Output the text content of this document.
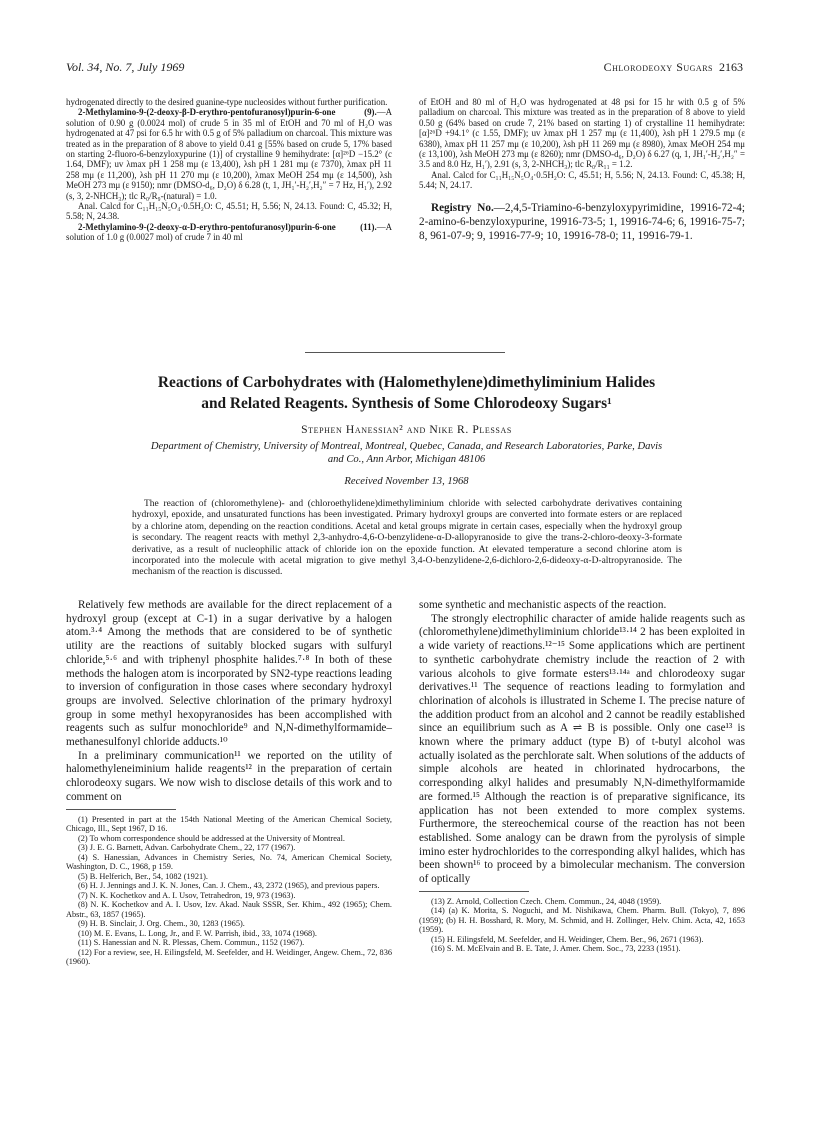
Vol. 34, No. 7, July 1969	Chlorodeoxy Sugars 2163

hydrogenated directly to the desired guanine-type nucleosides without further purification.

2-Methylamino-9-(2-deoxy-β-D-erythro-pentofuranosyl)purin-6-one (9).—A solution of 0.90 g (0.0024 mol) of crude 5 in 35 ml of EtOH and 70 ml of H₂O was hydrogenated at 47 psi for 6.5 hr with 0.5 g of 5% palladium on charcoal. This mixture was treated as in the preparation of 8 above to yield 0.41 g [55% based on crude 5, 17% based on starting 2-fluoro-6-benzyloxypurine (1)] of crystalline 9 hemihydrate: [α]²⁶D −15.2° (c 1.64, DMF); uv λmax pH 1 258 mμ (ε 13,400), λsh pH 1 281 mμ (ε 7370), λmax pH 11 258 mμ (ε 11,200), λsh pH 11 270 mμ (ε 10,200), λmax MeOH 254 mμ (ε 14,500), λsh MeOH 273 mμ (ε 9150); nmr (DMSO-d₆, D₂O) δ 6.28 (t, 1, JH₁′-H₂′,H₂″ = 7 Hz, H₁′), 2.92 (s, 3, 2-NHCH₃); tlc R₀/R₉-(natural) = 1.0.

Anal. Calcd for C₁₁H₁₅N₅O₄·0.5H₂O: C, 45.51; H, 5.56; N, 24.13. Found: C, 45.32; H, 5.58; N, 24.38.

2-Methylamino-9-(2-deoxy-α-D-erythro-pentofuranosyl)purin-6-one (11).—A solution of 1.0 g (0.0027 mol) of crude 7 in 40 ml

of EtOH and 80 ml of H₂O was hydrogenated at 48 psi for 15 hr with 0.5 g of 5% palladium on charcoal. This mixture was treated as in the preparation of 8 above to yield 0.50 g (64% based on crude 7, 21% based on starting 1) of crystalline 11 hemihydrate: [α]²⁶D +94.1° (c 1.55, DMF); uv λmax pH 1 257 mμ (ε 11,400), λsh pH 1 279.5 mμ (ε 6380), λmax pH 11 257 mμ (ε 10,200), λsh pH 11 269 mμ (ε 8980), λmax MeOH 254 mμ (ε 13,100), λsh MeOH 273 mμ (ε 8260); nmr (DMSO-d₆, D₂O) δ 6.27 (q, 1, JH₁′-H₂′,H₂″ = 3.5 and 8.0 Hz, H₁′), 2.91 (s, 3, 2-NHCH₃); tlc R₀/R₁₁ = 1.2.

Anal. Calcd for C₁₁H₁₅N₅O₄·0.5H₂O: C, 45.51; H, 5.56; N, 24.13. Found: C, 45.38; H, 5.44; N, 24.17.

Registry No.—2,4,5-Triamino-6-benzyloxypyrimidine, 19916-72-4; 2-amino-6-benzyloxypurine, 19916-73-5; 1, 19916-74-6; 6, 19916-75-7; 8, 961-07-9; 9, 19916-77-9; 10, 19916-78-0; 11, 19916-79-1.

Reactions of Carbohydrates with (Halomethylene)dimethyliminium Halides
and Related Reagents. Synthesis of Some Chlorodeoxy Sugars¹
Stephen Hanessian² and Nike R. Plessas
Department of Chemistry, University of Montreal, Montreal, Quebec, Canada, and Research Laboratories, Parke, Davis and Co., Ann Arbor, Michigan 48106
Received November 13, 1968
The reaction of (chloromethylene)- and (chloroethylidene)dimethyliminium chloride with selected carbohydrate derivatives containing hydroxyl, epoxide, and unsaturated functions has been investigated. Primary hydroxyl groups are converted into formate esters or are replaced by a chlorine atom, depending on the reaction conditions. Acetal and ketal groups migrate in certain cases, especially when the hydroxyl group is secondary. The reagent reacts with methyl 2,3-anhydro-4,6-O-benzylidene-α-D-allopyranoside to give the trans-2-chloro-deoxy-3-formate derivative, as a result of nucleophilic attack of chloride ion on the epoxide function. At elevated temperature a second chlorine atom is incorporated into the molecule with acetal migration to give methyl 3,4-O-benzylidene-2,6-dichloro-2,6-dideoxy-α-D-altropyranoside. The mechanism of the reaction is discussed.

Relatively few methods are available for the direct replacement of a hydroxyl group (except at C-1) in a sugar derivative by a halogen atom.³·⁴ Among the methods that are considered to be of synthetic utility are the reactions of suitably blocked sugars with sulfuryl chloride,⁵·⁶ and with triphenyl phosphite halides.⁷·⁸ In both of these methods the halogen atom is incorporated by SN2-type reactions leading to inversion of configuration in those cases where secondary hydroxyl groups are involved. Selective chlorination of the primary hydroxyl group in some methyl hexopyranosides has been accomplished with reagents such as sulfur monochloride⁹ and N,N-dimethylformamide–methanesulfonyl chloride adducts.¹⁰

In a preliminary communication¹¹ we reported on the utility of halomethyleneiminium halide reagents¹² in the preparation of certain chlorodeoxy sugars. We now wish to disclose details of this work and to comment on

(1) Presented in part at the 154th National Meeting of the American Chemical Society, Chicago, Ill., Sept 1967, D 16.

(2) To whom correspondence should be addressed at the University of Montreal.

(3) J. E. G. Barnett, Advan. Carbohydrate Chem., 22, 177 (1967).

(4) S. Hanessian, Advances in Chemistry Series, No. 74, American Chemical Society, Washington, D. C., 1968, p 159.

(5) B. Helferich, Ber., 54, 1082 (1921).

(6) H. J. Jennings and J. K. N. Jones, Can. J. Chem., 43, 2372 (1965), and previous papers.

(7) N. K. Kochetkov and A. I. Usov, Tetrahedron, 19, 973 (1963).

(8) N. K. Kochetkov and A. I. Usov, Izv. Akad. Nauk SSSR, Ser. Khim., 492 (1965); Chem. Abstr., 63, 1857 (1965).

(9) H. B. Sinclair, J. Org. Chem., 30, 1283 (1965).

(10) M. E. Evans, L. Long, Jr., and F. W. Parrish, ibid., 33, 1074 (1968).

(11) S. Hanessian and N. R. Plessas, Chem. Commun., 1152 (1967).

(12) For a review, see, H. Eilingsfeld, M. Seefelder, and H. Weidinger, Angew. Chem., 72, 836 (1960).

some synthetic and mechanistic aspects of the reaction.

The strongly electrophilic character of amide halide reagents such as (chloromethylene)dimethyliminium chloride¹³·¹⁴ 2 has been exploited in a wide variety of reactions.¹²⁻¹⁵ Some applications which are pertinent to synthetic carbohydrate chemistry include the reaction of 2 with various alcohols to give formate esters¹³·¹⁴ᵃ and chlorodeoxy sugar derivatives.¹¹ The sequence of reactions leading to formylation and chlorination of alcohols is illustrated in Scheme I. The precise nature of the addition product from an alcohol and 2 cannot be readily established since an equilibrium such as A ⇌ B is possible. Only one case¹³ is known where the primary adduct (type B) of t-butyl alcohol was actually isolated as the perchlorate salt. When solutions of the adducts of simple alcohols are heated in chlorinated hydrocarbons, the corresponding alkyl halides and presumably N,N-dimethylformamide are formed.¹⁵ Although the reaction is of preparative significance, its application has not been extended to more complex systems. Furthermore, the stereochemical course of the reaction has not been established. Some analogy can be drawn from the pyrolysis of simple imino ester hydrochlorides to the corresponding alkyl halides, which has been shown¹⁶ to proceed by a bimolecular mechanism. The conversion of optically

(13) Z. Arnold, Collection Czech. Chem. Commun., 24, 4048 (1959).

(14) (a) K. Morita, S. Noguchi, and M. Nishikawa, Chem. Pharm. Bull. (Tokyo), 7, 896 (1959); (b) H. H. Bosshard, R. Mory, M. Schmid, and H. Zollinger, Helv. Chim. Acta, 42, 1653 (1959).

(15) H. Eilingsfeld, M. Seefelder, and H. Weidinger, Chem. Ber., 96, 2671 (1963).

(16) S. M. McElvain and B. E. Tate, J. Amer. Chem. Soc., 73, 2233 (1951).
